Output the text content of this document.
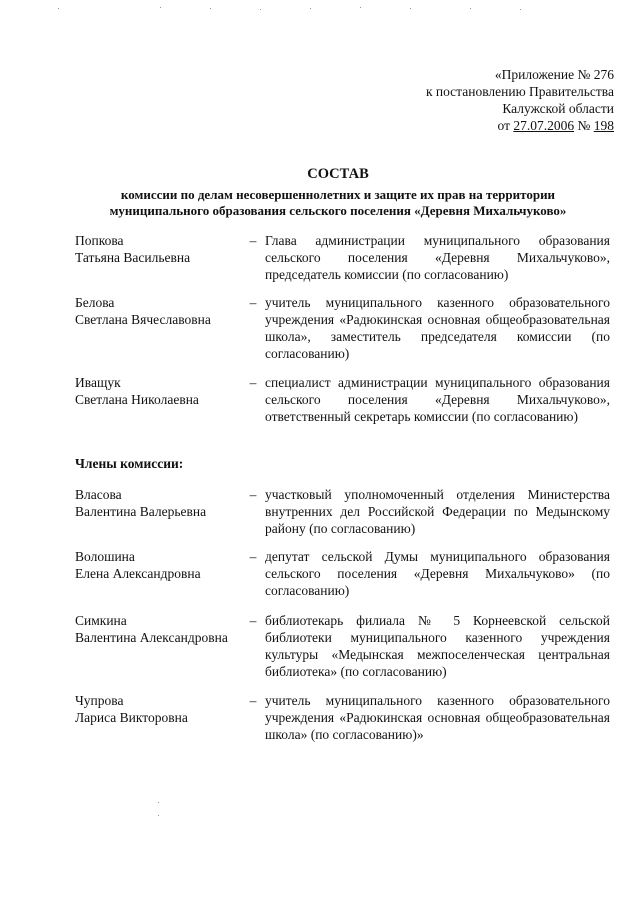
«Приложение № 276
к постановлению Правительства
Калужской области
от 27.07.2006 № 198
СОСТАВ
комиссии по делам несовершеннолетних и защите их прав на территории
муниципального образования сельского поселения «Деревня Михальчуково»
Попкова
Татьяна Васильевна
– Глава администрации муниципального образования сельского поселения «Деревня Михальчуково», председатель комиссии (по согласованию)
Белова
Светлана Вячеславовна
– учитель муниципального казенного образовательного учреждения «Радюкинская основная общеобразовательная школа», заместитель председателя комиссии (по согласованию)
Иващук
Светлана Николаевна
– специалист администрации муниципального образования сельского поселения «Деревня Михальчуково», ответственный секретарь комиссии (по согласованию)
Члены комиссии:
Власова
Валентина Валерьевна
– участковый уполномоченный отделения Министерства внутренних дел Российской Федерации по Медынскому району (по согласованию)
Волошина
Елена Александровна
– депутат сельской Думы муниципального образования сельского поселения «Деревня Михальчуково» (по согласованию)
Симкина
Валентина Александровна
– библиотекарь филиала № 5 Корнеевской сельской библиотеки муниципального казенного учреждения культуры «Медынская межпоселенческая центральная библиотека» (по согласованию)
Чупрова
Лариса Викторовна
– учитель муниципального казенного образовательного учреждения «Радюкинская основная общеобразовательная школа» (по согласованию)»
